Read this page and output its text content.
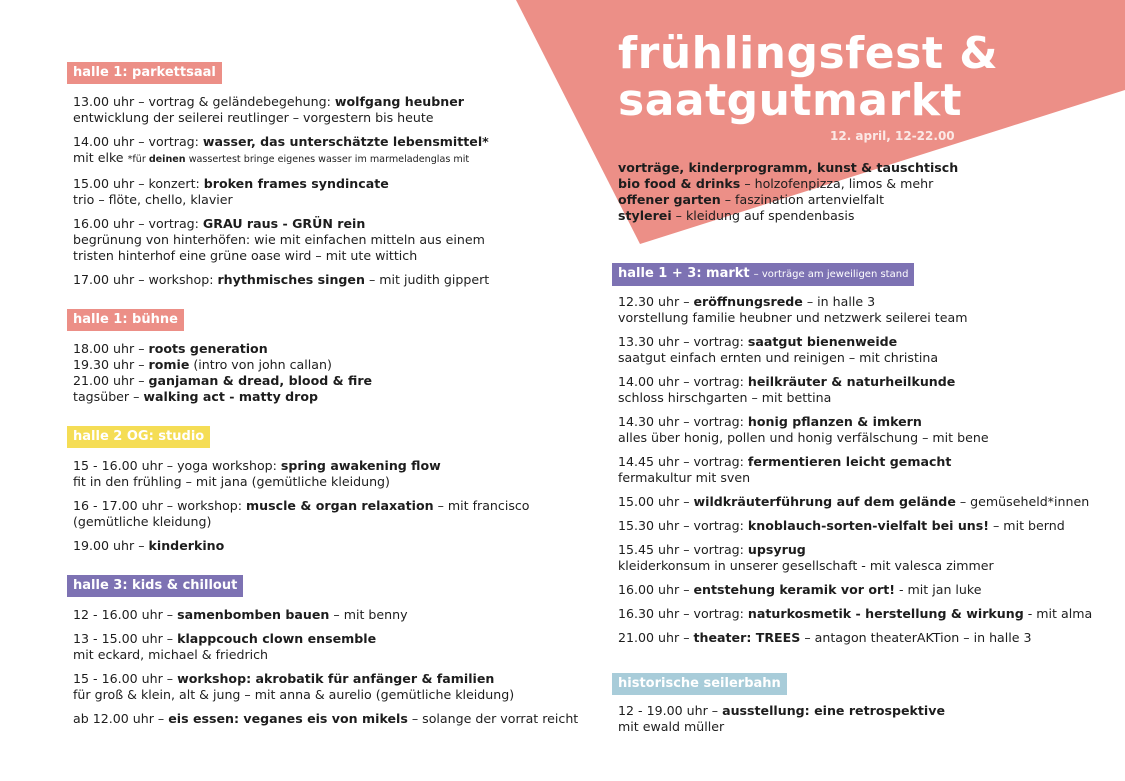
frühlingsfest &
saatgutmarkt
12. april, 12-22.00
halle 1: parkettsaal
13.00 uhr – vortrag & geländebegehung: wolfgang heubner
entwicklung der seilerei reutlinger – vorgestern bis heute
14.00 uhr – vortrag: wasser, das unterschätzte lebensmittel*
mit elke *für deinen wassertest bringe eigenes wasser im marmeladenglas mit
15.00 uhr – konzert: broken frames syndincate
trio – flöte, chello, klavier
16.00 uhr – vortrag: GRAU raus - GRÜN rein
begrünung von hinterhöfen: wie mit einfachen mitteln aus einem
tristen hinterhof eine grüne oase wird – mit ute wittich
17.00 uhr – workshop: rhythmisches singen – mit judith gippert
halle 1: bühne
18.00 uhr – roots generation
19.30 uhr – romie (intro von john callan)
21.00 uhr – ganjaman & dread, blood & fire
tagsüber – walking act - matty drop
halle 2 OG: studio
15 - 16.00 uhr – yoga workshop: spring awakening flow
fit in den frühling – mit jana (gemütliche kleidung)
16 - 17.00 uhr – workshop: muscle & organ relaxation – mit francisco
(gemütliche kleidung)
19.00 uhr – kinderkino
halle 3: kids & chillout
12 - 16.00 uhr – samenbomben bauen – mit benny
13 - 15.00 uhr – klappcouch clown ensemble
mit eckard, michael & friedrich
15 - 16.00 uhr – workshop: akrobatik für anfänger & familien
für groß & klein, alt & jung – mit anna & aurelio (gemütliche kleidung)
ab 12.00 uhr – eis essen: veganes eis von mikels – solange der vorrat reicht
vorträge, kinderprogramm, kunst & tauschtisch
bio food & drinks – holzofenpizza, limos & mehr
offener garten – faszination artenvielfalt
stylerei – kleidung auf spendenbasis
halle 1 + 3: markt – vorträge am jeweiligen stand
12.30 uhr – eröffnungsrede – in halle 3
vorstellung familie heubner und netzwerk seilerei team
13.30 uhr – vortrag: saatgut bienenweide
saatgut einfach ernten und reinigen – mit christina
14.00 uhr – vortrag: heilkräuter & naturheilkunde
schloss hirschgarten – mit bettina
14.30 uhr – vortrag: honig pflanzen & imkern
alles über honig, pollen und honig verfälschung – mit bene
14.45 uhr – vortrag: fermentieren leicht gemacht
fermakultur mit sven
15.00 uhr – wildkräuterführung auf dem gelände – gemüseheld*innen
15.30 uhr – vortrag: knoblauch-sorten-vielfalt bei uns! – mit bernd
15.45 uhr – vortrag: upsyrug
kleiderkonsum in unserer gesellschaft - mit valesca zimmer
16.00 uhr – entstehung keramik vor ort! - mit jan luke
16.30 uhr – vortrag: naturkosmetik - herstellung & wirkung - mit alma
21.00 uhr – theater: TREES – antagon theaterAKTion – in halle 3
historische seilerbahn
12 - 19.00 uhr – ausstellung: eine retrospektive
mit ewald müller
